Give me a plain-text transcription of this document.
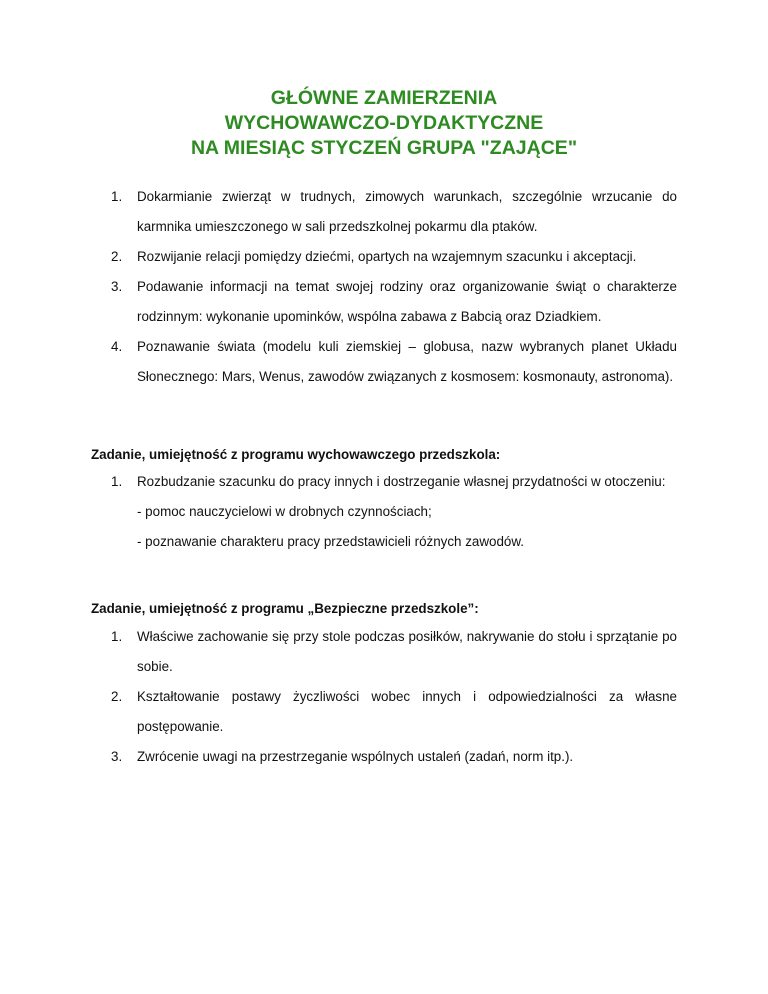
GŁÓWNE ZAMIERZENIA
WYCHOWAWCZO-DYDAKTYCZNE
NA MIESIĄC STYCZEŃ GRUPA "ZAJĄCE"
1. Dokarmianie zwierząt w trudnych, zimowych warunkach, szczególnie wrzucanie do karmnika umieszczonego w sali przedszkolnej pokarmu dla ptaków.

2. Rozwijanie relacji pomiędzy dziećmi, opartych na wzajemnym szacunku i akceptacji.

3. Podawanie informacji na temat swojej rodziny oraz organizowanie świąt o charakterze rodzinnym: wykonanie upominków, wspólna zabawa z Babcią oraz Dziadkiem.

4. Poznawanie świata (modelu kuli ziemskiej – globusa, nazw wybranych planet Układu Słonecznego: Mars, Wenus, zawodów związanych z kosmosem: kosmonauty, astronoma).

Zadanie, umiejętność z programu wychowawczego przedszkola:
1. Rozbudzanie szacunku do pracy innych i dostrzeganie własnej przydatności w otoczeniu:

- pomoc nauczycielowi w drobnych czynnościach;

- poznawanie charakteru pracy przedstawicieli różnych zawodów.

Zadanie, umiejętność z programu „Bezpieczne przedszkole”:
1. Właściwe zachowanie się przy stole podczas posiłków, nakrywanie do stołu i sprzątanie po sobie.

2. Kształtowanie postawy życzliwości wobec innych i odpowiedzialności za własne postępowanie.

3. Zwrócenie uwagi na przestrzeganie wspólnych ustaleń (zadań, norm itp.).
